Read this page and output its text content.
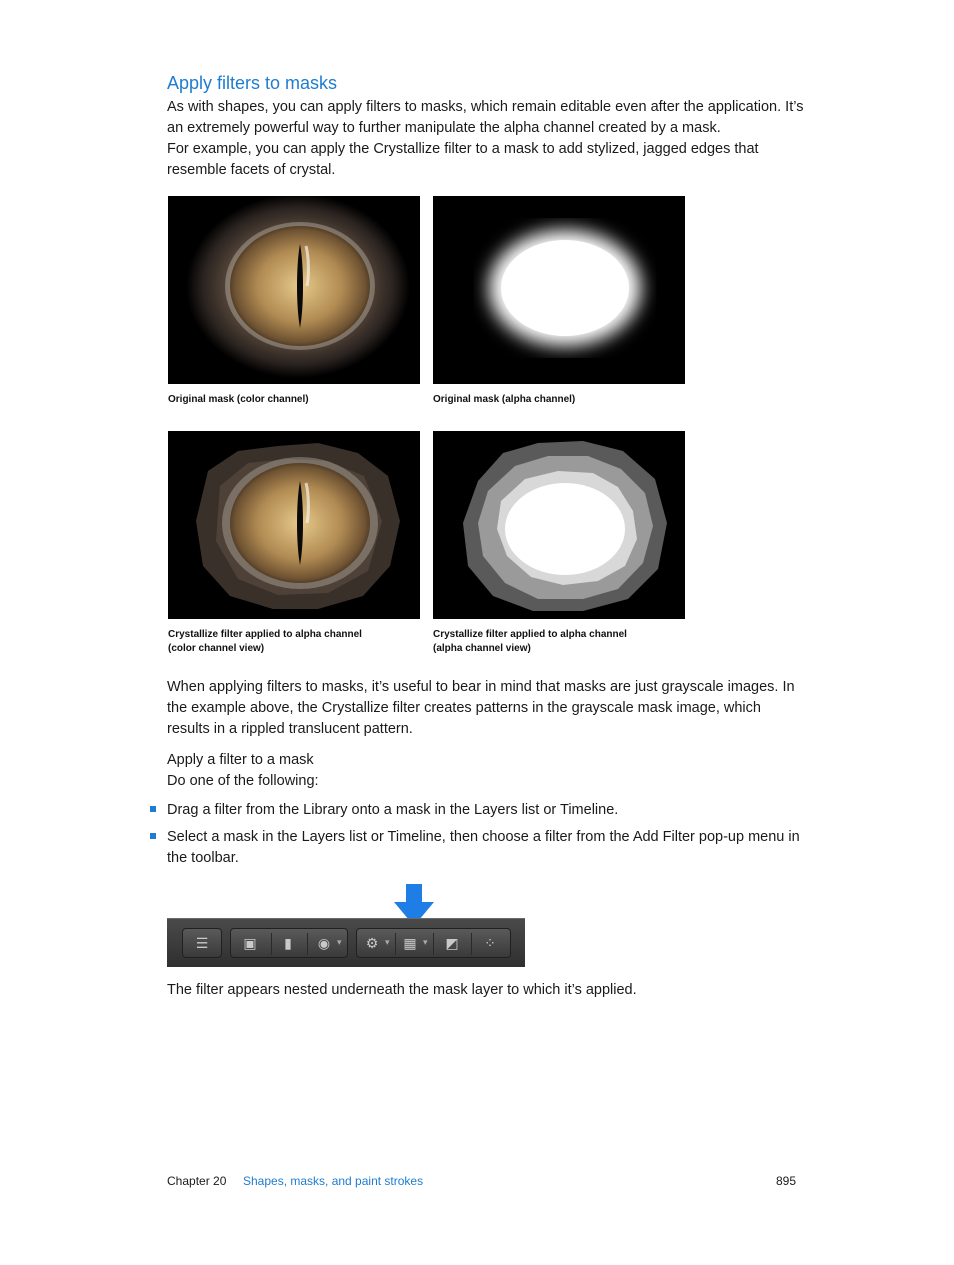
Apply filters to masks

As with shapes, you can apply filters to masks, which remain editable even after the application. It’s an extremely powerful way to further manipulate the alpha channel created by a mask.

For example, you can apply the Crystallize filter to a mask to add stylized, jagged edges that resemble facets of crystal.

Original mask (color channel)	Original mask (alpha channel)
Crystallize filter applied to alpha channel
(color channel view)
Crystallize filter applied to alpha channel
(alpha channel view)

When applying filters to masks, it’s useful to bear in mind that masks are just grayscale images. In the example above, the Crystallize filter creates patterns in the grayscale mask image, which results in a rippled translucent pattern.

Apply a filter to a mask

Do one of the following:

Drag a filter from the Library onto a mask in the Layers list or Timeline.
Select a mask in the Layers list or Timeline, then choose a filter from the Add Filter pop-up menu in the toolbar.
☰	▣	▮	◉ ▾ ⚙ ▾ ▦ ▾ ◩ ⁘

The filter appears nested underneath the mask layer to which it’s applied.

Chapter 20 Shapes, masks, and paint strokes	895
